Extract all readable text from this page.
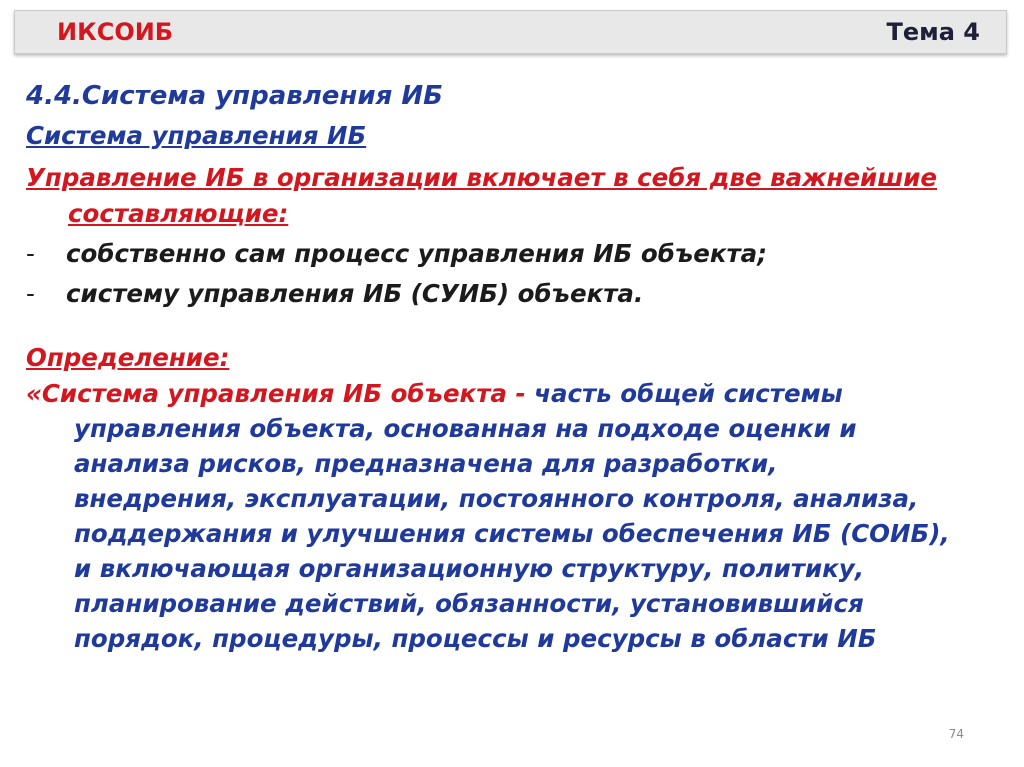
ИКСОИБ	Тема 4
4.4.Система управления ИБ
Система управления ИБ
Управление ИБ в организации включает в себя две важнейшие
составляющие:
-	собственно сам процесс управления ИБ объекта;
-	систему управления ИБ (СУИБ) объекта.
Определение:
«Система управления ИБ объекта - часть общей системы
управления объекта, основанная на подходе оценки и
анализа рисков, предназначена для разработки,
внедрения, эксплуатации, постоянного контроля, анализа,
поддержания и улучшения системы обеспечения ИБ (СОИБ),
и включающая организационную структуру, политику,
планирование действий, обязанности, установившийся
порядок, процедуры, процессы и ресурсы в области ИБ
74
